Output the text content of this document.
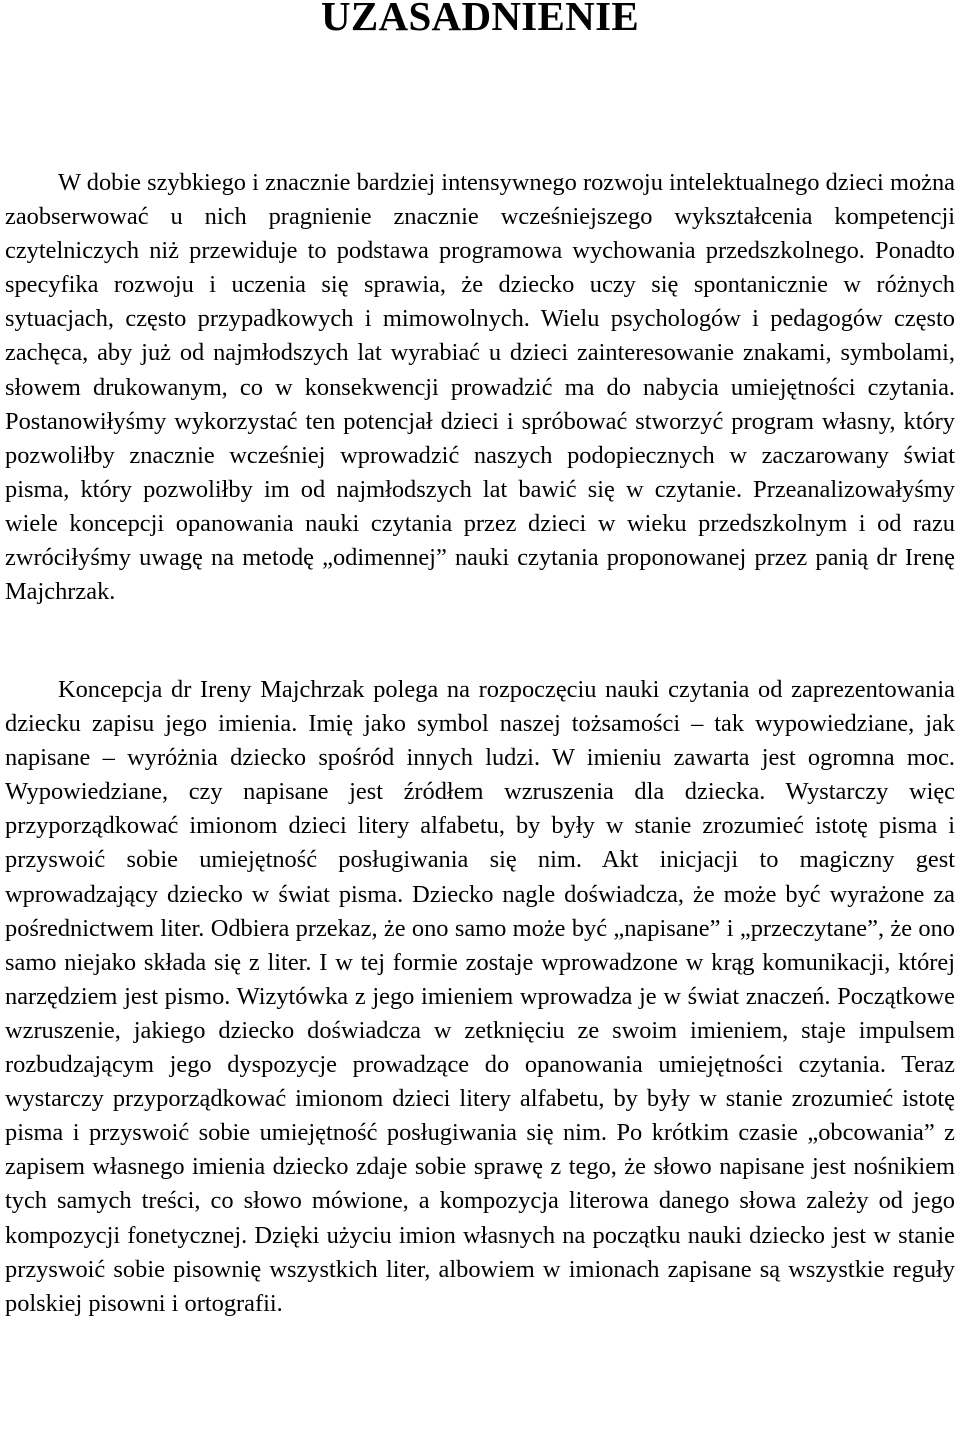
UZASADNIENIE

W dobie szybkiego i znacznie bardziej intensywnego rozwoju intelektualnego dzieci można zaobserwować u nich pragnienie znacznie wcześniejszego wykształcenia kompetencji czytelniczych niż przewiduje to podstawa programowa wychowania przedszkolnego. Ponadto specyfika rozwoju i uczenia się sprawia, że dziecko uczy się spontanicznie w różnych sytuacjach, często przypadkowych i mimowolnych. Wielu psychologów i pedagogów często zachęca, aby już od najmłodszych lat wyrabiać u dzieci zainteresowanie znakami, symbolami, słowem drukowanym, co w konsekwencji prowadzić ma do nabycia umiejętności czytania. Postanowiłyśmy wykorzystać ten potencjał dzieci i spróbować stworzyć program własny, który pozwoliłby znacznie wcześniej wprowadzić naszych podopiecznych w zaczarowany świat pisma, który pozwoliłby im od najmłodszych lat bawić się w czytanie. Przeanalizowałyśmy wiele koncepcji opanowania nauki czytania przez dzieci w wieku przedszkolnym i od razu zwróciłyśmy uwagę na metodę „odimennej” nauki czytania proponowanej przez panią dr Irenę Majchrzak.

Koncepcja dr Ireny Majchrzak polega na rozpoczęciu nauki czytania od zaprezentowania dziecku zapisu jego imienia. Imię jako symbol naszej tożsamości – tak wypowiedziane, jak napisane – wyróżnia dziecko spośród innych ludzi. W imieniu zawarta jest ogromna moc. Wypowiedziane, czy napisane jest źródłem wzruszenia dla dziecka. Wystarczy więc przyporządkować imionom dzieci litery alfabetu, by były w stanie zrozumieć istotę pisma i przyswoić sobie umiejętność posługiwania się nim. Akt inicjacji to magiczny gest wprowadzający dziecko w świat pisma. Dziecko nagle doświadcza, że może być wyrażone za pośrednictwem liter. Odbiera przekaz, że ono samo może być „napisane” i „przeczytane”, że ono samo niejako składa się z liter. I w tej formie zostaje wprowadzone w krąg komunikacji, której narzędziem jest pismo. Wizytówka z jego imieniem wprowadza je w świat znaczeń. Początkowe wzruszenie, jakiego dziecko doświadcza w zetknięciu ze swoim imieniem, staje impulsem rozbudzającym jego dyspozycje prowadzące do opanowania umiejętności czytania. Teraz wystarczy przyporządkować imionom dzieci litery alfabetu, by były w stanie zrozumieć istotę pisma i przyswoić sobie umiejętność posługiwania się nim. Po krótkim czasie „obcowania” z zapisem własnego imienia dziecko zdaje sobie sprawę z tego, że słowo napisane jest nośnikiem tych samych treści, co słowo mówione, a kompozycja literowa danego słowa zależy od jego kompozycji fonetycznej. Dzięki użyciu imion własnych na początku nauki dziecko jest w stanie przyswoić sobie pisownię wszystkich liter, albowiem w imionach zapisane są wszystkie reguły polskiej pisowni i ortografii.
